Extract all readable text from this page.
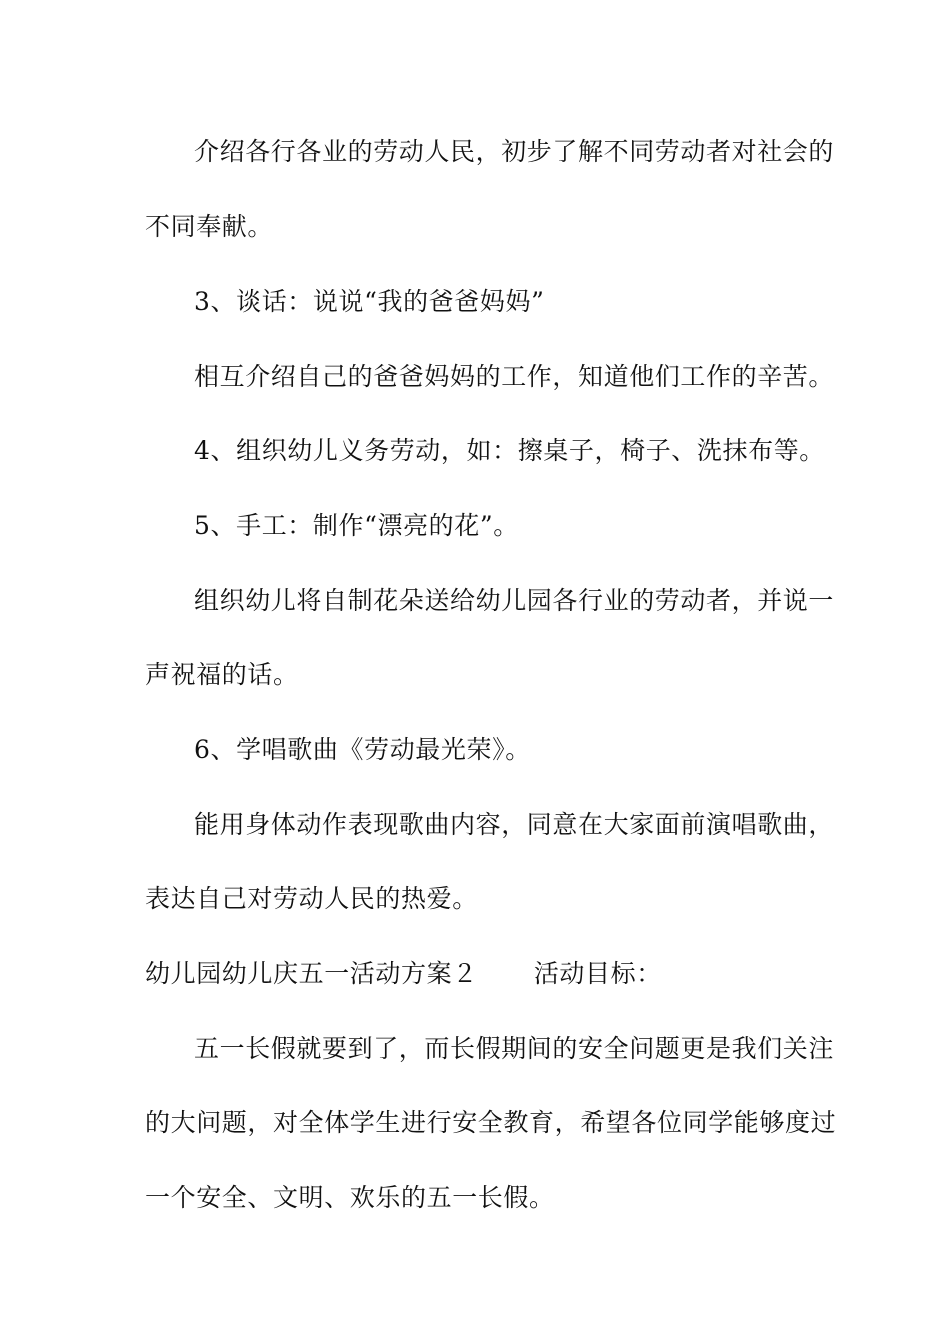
介绍各行各业的劳动人民，初步了解不同劳动者对社会的
不同奉献。
3、谈话：说说“我的爸爸妈妈”
相互介绍自己的爸爸妈妈的工作，知道他们工作的辛苦。
4、组织幼儿义务劳动，如：擦桌子，椅子、洗抹布等。
5、手工：制作“漂亮的花”。
组织幼儿将自制花朵送给幼儿园各行业的劳动者，并说一
声祝福的话。
6、学唱歌曲《劳动最光荣》。
能用身体动作表现歌曲内容，同意在大家面前演唱歌曲，
表达自己对劳动人民的热爱。
幼儿园幼儿庆五一活动方案２ 活动目标：
五一长假就要到了，而长假期间的安全问题更是我们关注
的大问题，对全体学生进行安全教育，希望各位同学能够度过
一个安全、文明、欢乐的五一长假。
